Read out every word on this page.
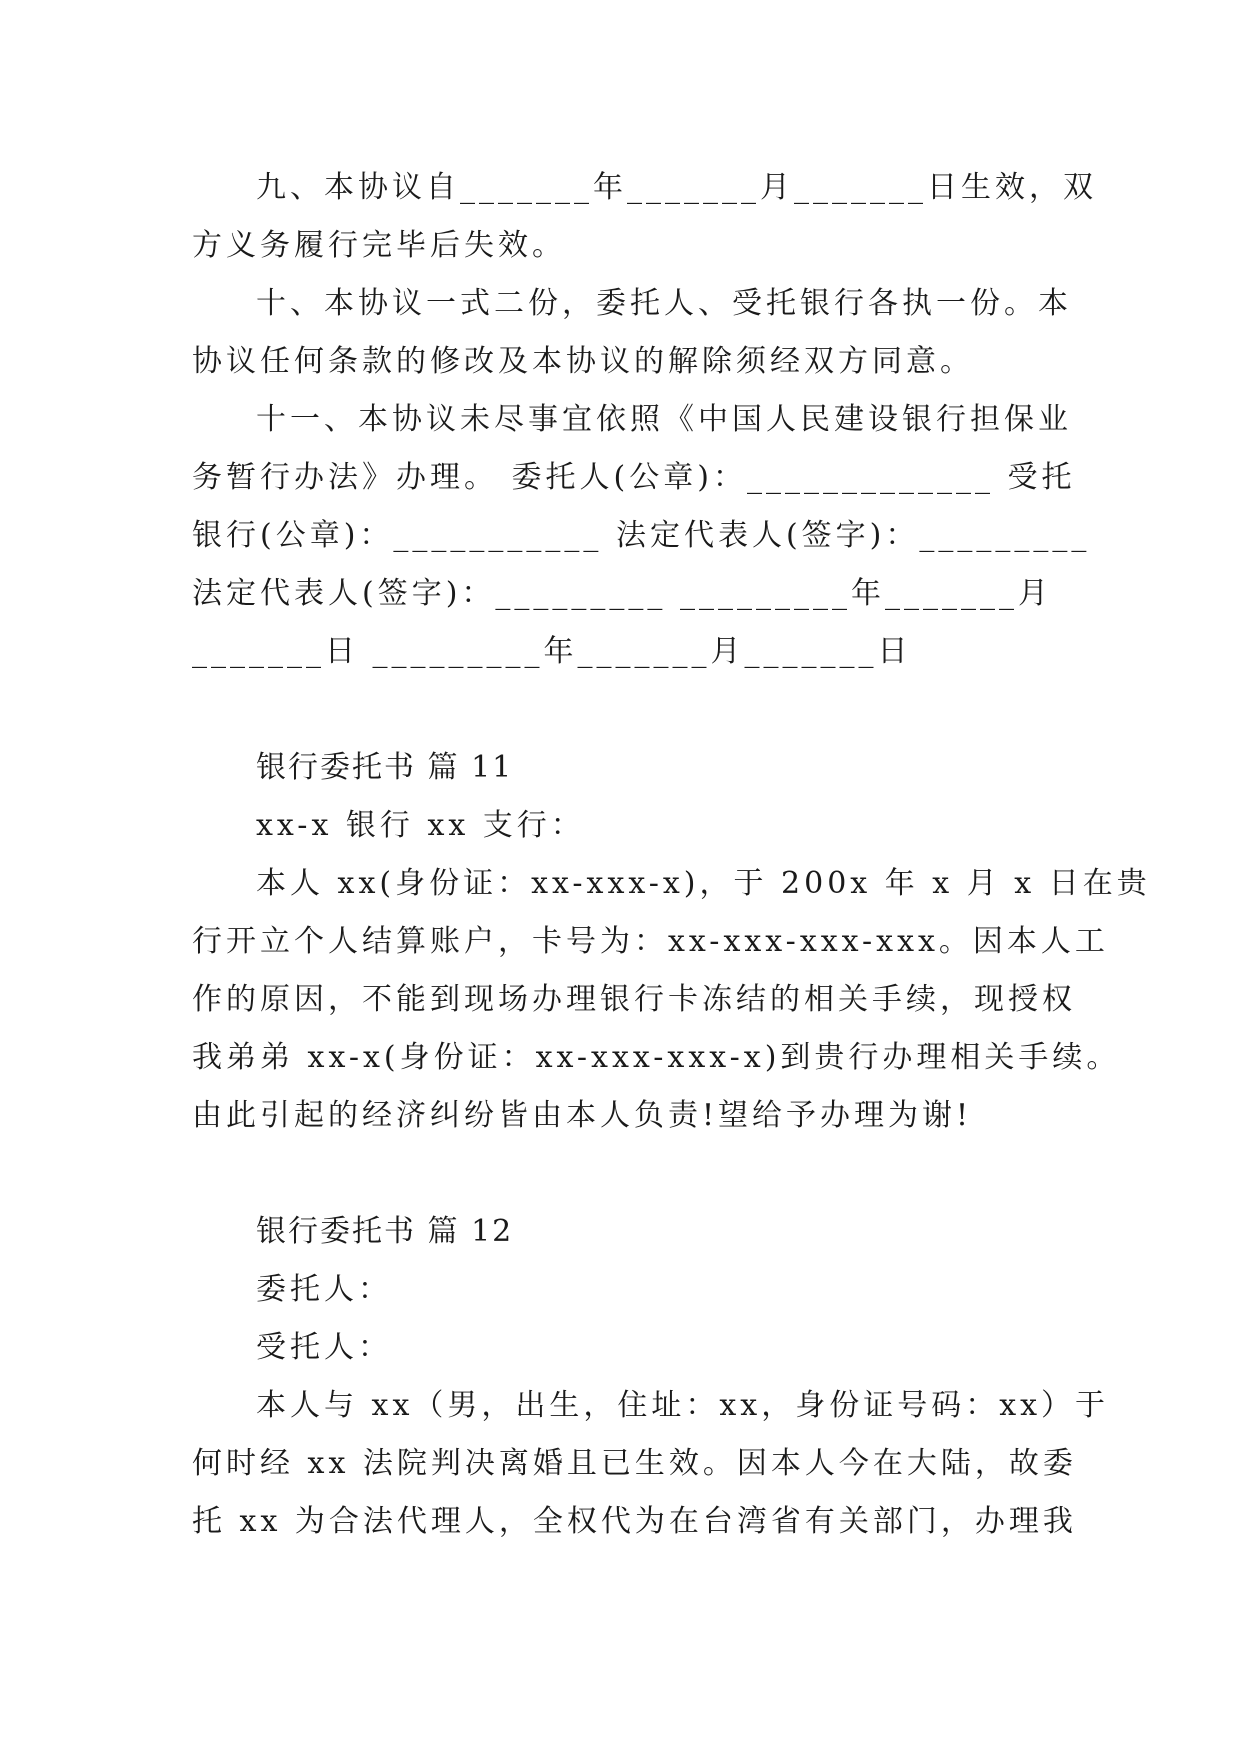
九、本协议自_______年_______月_______日生效，双
方义务履行完毕后失效。
十、本协议一式二份，委托人、受托银行各执一份。本
协议任何条款的修改及本协议的解除须经双方同意。
十一、本协议未尽事宜依照《中国人民建设银行担保业
务暂行办法》办理。 委托人(公章)：_____________ 受托
银行(公章)：___________ 法定代表人(签字)：_________
法定代表人(签字)：_________ _________年_______月
_______日 _________年_______月_______日
银行委托书 篇 11
xx-x 银行 xx 支行：
本人 xx(身份证：xx-xxx-x)，于 200x 年 x 月 x 日在贵
行开立个人结算账户，卡号为：xx-xxx-xxx-xxx。因本人工
作的原因，不能到现场办理银行卡冻结的相关手续，现授权
我弟弟 xx-x(身份证：xx-xxx-xxx-x)到贵行办理相关手续。
由此引起的经济纠纷皆由本人负责!望给予办理为谢!
银行委托书 篇 12
委托人：
受托人：
本人与 xx（男，出生，住址：xx，身份证号码：xx）于
何时经 xx 法院判决离婚且已生效。因本人今在大陆，故委
托 xx 为合法代理人，全权代为在台湾省有关部门，办理我
